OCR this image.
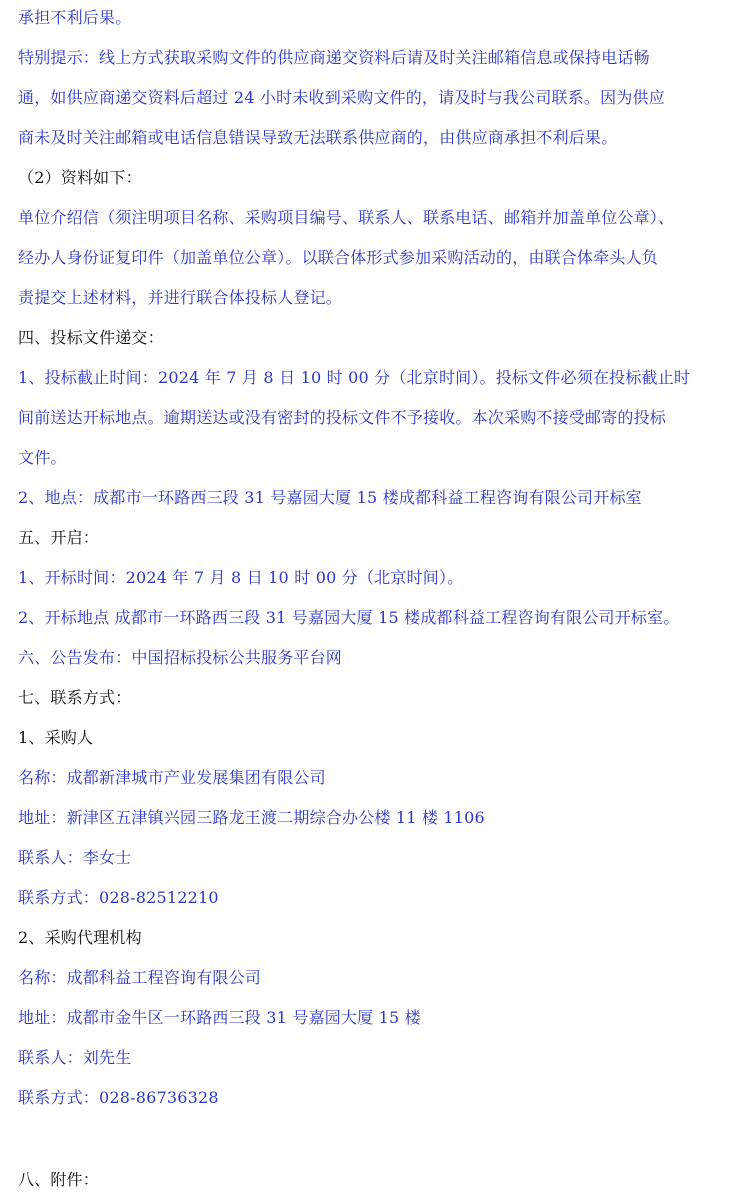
承担不利后果。
特别提示：线上方式获取采购文件的供应商递交资料后请及时关注邮箱信息或保持电话畅
通，如供应商递交资料后超过 24 小时未收到采购文件的，请及时与我公司联系。因为供应
商未及时关注邮箱或电话信息错误导致无法联系供应商的，由供应商承担不利后果。
（2）资料如下：
单位介绍信（须注明项目名称、采购项目编号、联系人、联系电话、邮箱并加盖单位公章）、
经办人身份证复印件（加盖单位公章）。以联合体形式参加采购活动的，由联合体牵头人负
责提交上述材料，并进行联合体投标人登记。
四、投标文件递交：
1、投标截止时间：2024 年 7 月 8 日 10 时 00 分（北京时间）。投标文件必须在投标截止时
间前送达开标地点。逾期送达或没有密封的投标文件不予接收。本次采购不接受邮寄的投标
文件。
2、地点：成都市一环路西三段 31 号嘉园大厦 15 楼成都科益工程咨询有限公司开标室
五、开启：
1、开标时间：2024 年 7 月 8 日 10 时 00 分（北京时间）。
2、开标地点 成都市一环路西三段 31 号嘉园大厦 15 楼成都科益工程咨询有限公司开标室。
六、公告发布：中国招标投标公共服务平台网
七、联系方式：
1、采购人
名称：成都新津城市产业发展集团有限公司
地址：新津区五津镇兴园三路龙王渡二期综合办公楼 11 楼 1106
联系人：李女士
联系方式：028-82512210
2、采购代理机构
名称：成都科益工程咨询有限公司
地址：成都市金牛区一环路西三段 31 号嘉园大厦 15 楼
联系人：刘先生
联系方式：028-86736328
八、附件：
